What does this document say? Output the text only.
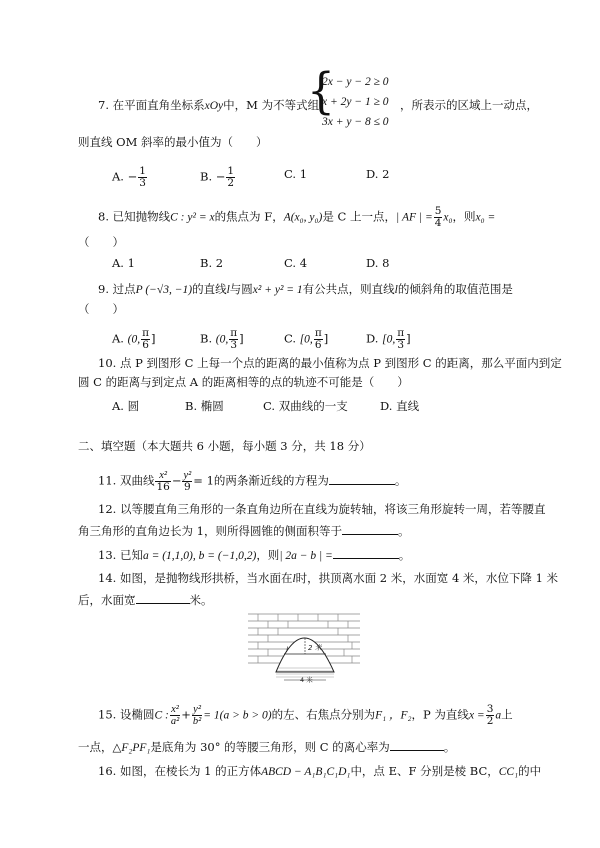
7. 在平面直角坐标系xOy中，M 为不等式组
{
2x − y − 2 ≥ 0
x + 2y − 1 ≥ 0
3x + y − 8 ≤ 0
，所表示的区域上一动点，
则直线 OM 斜率的最小值为（　　）
A. − $\frac{1}{3}$	B. − $\frac{1}{2}$	C. 1	D. 2
8. 已知抛物线C : y² = x的焦点为 F，A(x₀, y₀)是 C 上一点，| AF | = $\frac{5}{4} x_0$，则x₀ =
（　　）
A. 1	B. 2	C. 4	D. 8
9. 过点P (−√3, −1)的直线l与圆x² + y² = 1有公共点，则直线l的倾斜角的取值范围是
（　　）
A. (0, $\frac{\pi}{6}$ ]	B. (0, $\frac{\pi}{3}$ ]	C. [0, $\frac{\pi}{6}$ ]	D. [0, $\frac{\pi}{3}$ ]
10. 点 P 到图形 C 上每一个点的距离的最小值称为点 P 到图形 C 的距离，那么平面内到定
圆 C 的距离与到定点 A 的距离相等的点的轨迹不可能是（　　）
A. 圆	B. 椭圆	C. 双曲线的一支	D. 直线
二、填空题（本大题共 6 小题，每小题 3 分，共 18 分）
11. 双曲线 $\frac{\text{x²}}{16} - \frac{\text{y²}}{9} = 1$的两条渐近线的方程为	。
12. 以等腰直角三角形的一条直角边所在直线为旋转轴，将该三角形旋转一周，若等腰直
角三角形的直角边长为 1，则所得圆锥的侧面积等于	。
13. 已知a = (1,1,0), b = (−1,0,2)，则| 2a − b | =	。
14. 如图，是抛物线形拱桥，当水面在l时，拱顶离水面 2 米，水面宽 4 米，水位下降 1 米
后，水面宽	米。
2 米
l
4 米
15. 设椭圆C : $\frac{\text{x²}}{\text{a²}} + \frac{\text{y²}}{\text{b²}} = 1(a > b > 0)$的左、右焦点分别为F₁ ，F₂，P 为直线$x = \frac{3}{2}$ a上
一点，△F₂PF₁是底角为 30° 的等腰三角形，则 C 的离心率为	。
16. 如图，在棱长为 1 的正方体ABCD − A₁B₁C₁D₁中，点 E、F 分别是棱 BC，CC₁的中
